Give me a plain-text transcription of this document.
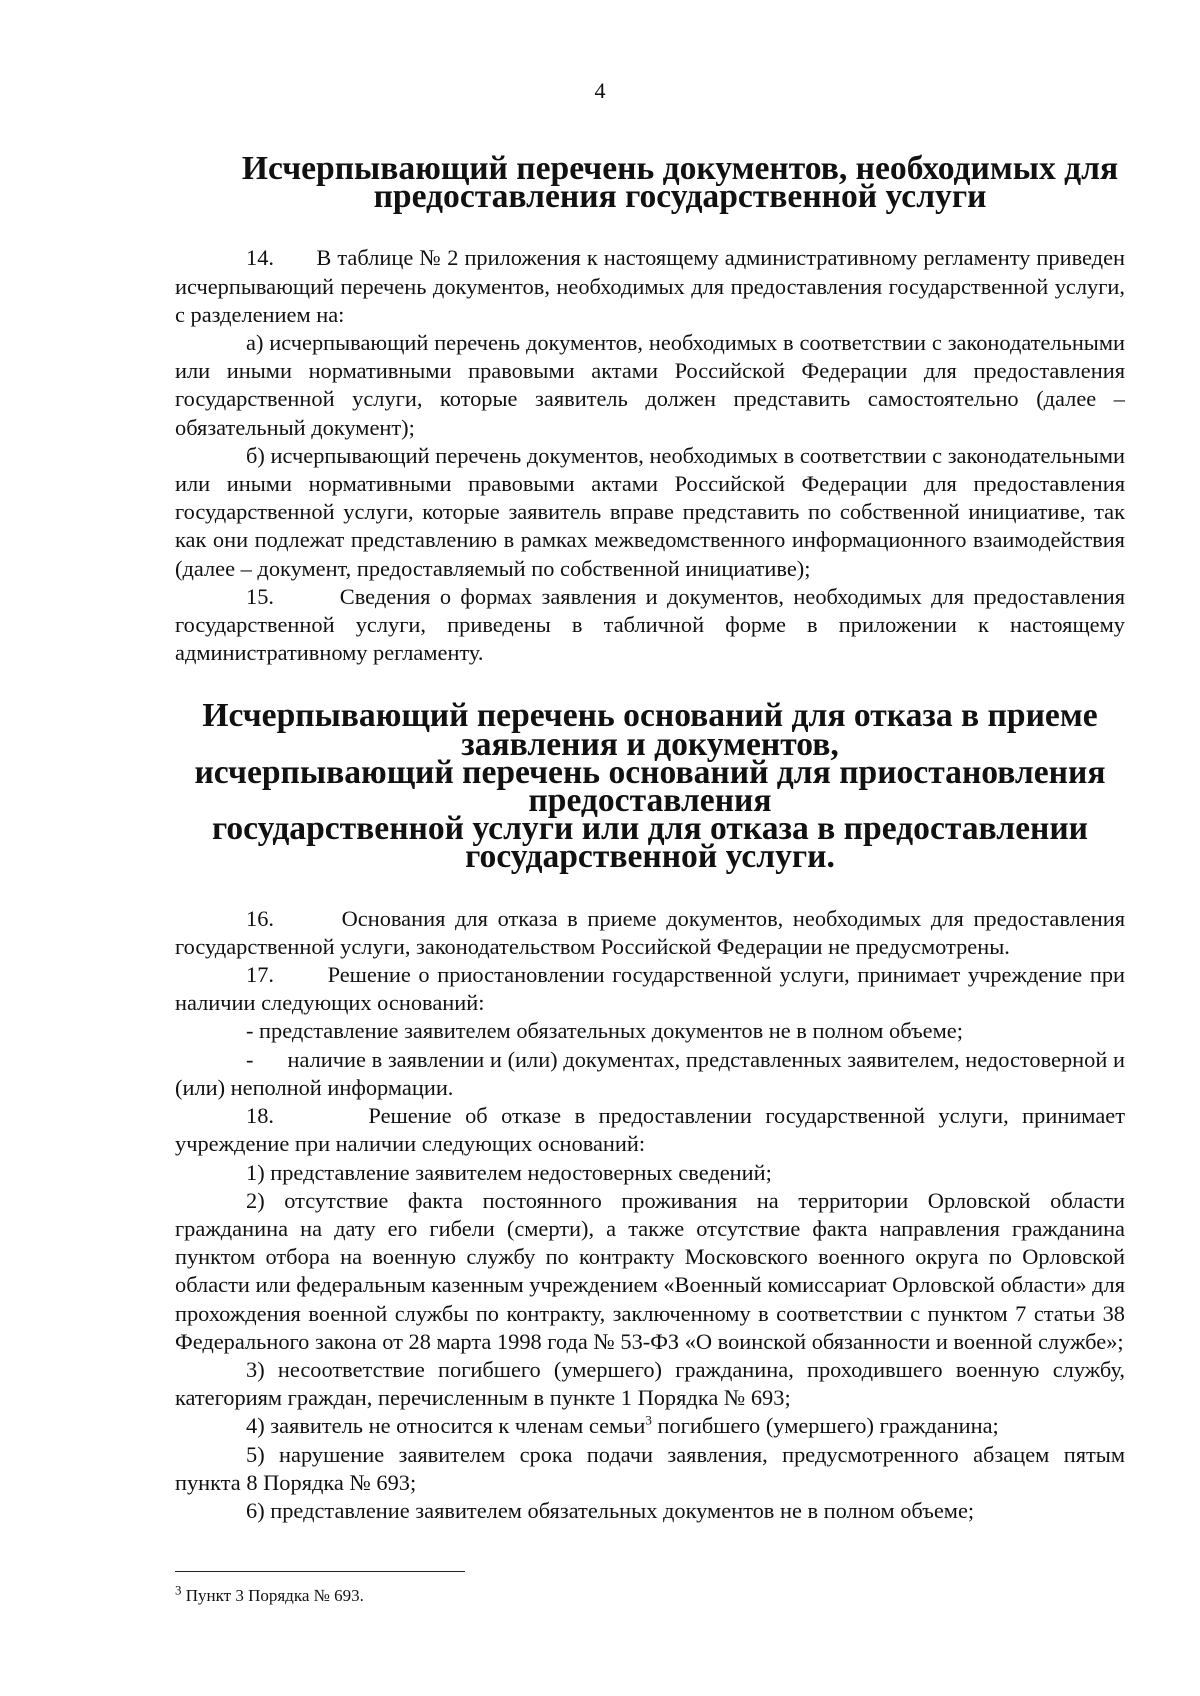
4
Исчерпывающий перечень документов, необходимых для
предоставления государственной услуги

14.       В таблице № 2 приложения к настоящему административному регламенту приведен исчерпывающий перечень документов, необходимых для предоставления государственной услуги, с разделением на:

а) исчерпывающий перечень документов, необходимых в соответствии с законодательными или иными нормативными правовыми актами Российской Федерации для предоставления государственной услуги, которые заявитель должен представить самостоятельно (далее – обязательный документ);

б) исчерпывающий перечень документов, необходимых в соответствии с законодательными или иными нормативными правовыми актами Российской Федерации для предоставления государственной услуги, которые заявитель вправе представить по собственной инициативе, так как они подлежат представлению в рамках межведомственного информационного взаимодействия (далее – документ, предоставляемый по собственной инициативе);

15.       Сведения о формах заявления и документов, необходимых для предоставления государственной услуги, приведены в табличной форме в приложении к настоящему административному регламенту.

Исчерпывающий перечень оснований для отказа в приеме заявления и документов,
исчерпывающий перечень оснований для приостановления предоставления
государственной услуги или для отказа в предоставлении государственной услуги.

16.       Основания для отказа в приеме документов, необходимых для предоставления государственной услуги, законодательством Российской Федерации не предусмотрены.

17.       Решение о приостановлении государственной услуги, принимает учреждение при наличии следующих оснований:

- представление заявителем обязательных документов не в полном объеме;

-      наличие в заявлении и (или) документах, представленных заявителем, недостоверной и (или) неполной информации.

18.       Решение об отказе в предоставлении государственной услуги, принимает учреждение при наличии следующих оснований:

1) представление заявителем недостоверных сведений;

2) отсутствие факта постоянного проживания на территории Орловской области гражданина на дату его гибели (смерти), а также отсутствие факта направления гражданина пунктом отбора на военную службу по контракту Московского военного округа по Орловской области или федеральным казенным учреждением «Военный комиссариат Орловской области» для прохождения военной службы по контракту, заключенному в соответствии с пунктом 7 статьи 38 Федерального закона от 28 марта 1998 года № 53-ФЗ «О воинской обязанности и военной службе»;

3) несоответствие погибшего (умершего) гражданина, проходившего военную службу, категориям граждан, перечисленным в пункте 1 Порядка № 693;

4) заявитель не относится к членам семьи$^3$ погибшего (умершего) гражданина;

5) нарушение заявителем срока подачи заявления, предусмотренного абзацем пятым пункта 8 Порядка № 693;

6) представление заявителем обязательных документов не в полном объеме;

$^3$ Пункт 3 Порядка № 693.
